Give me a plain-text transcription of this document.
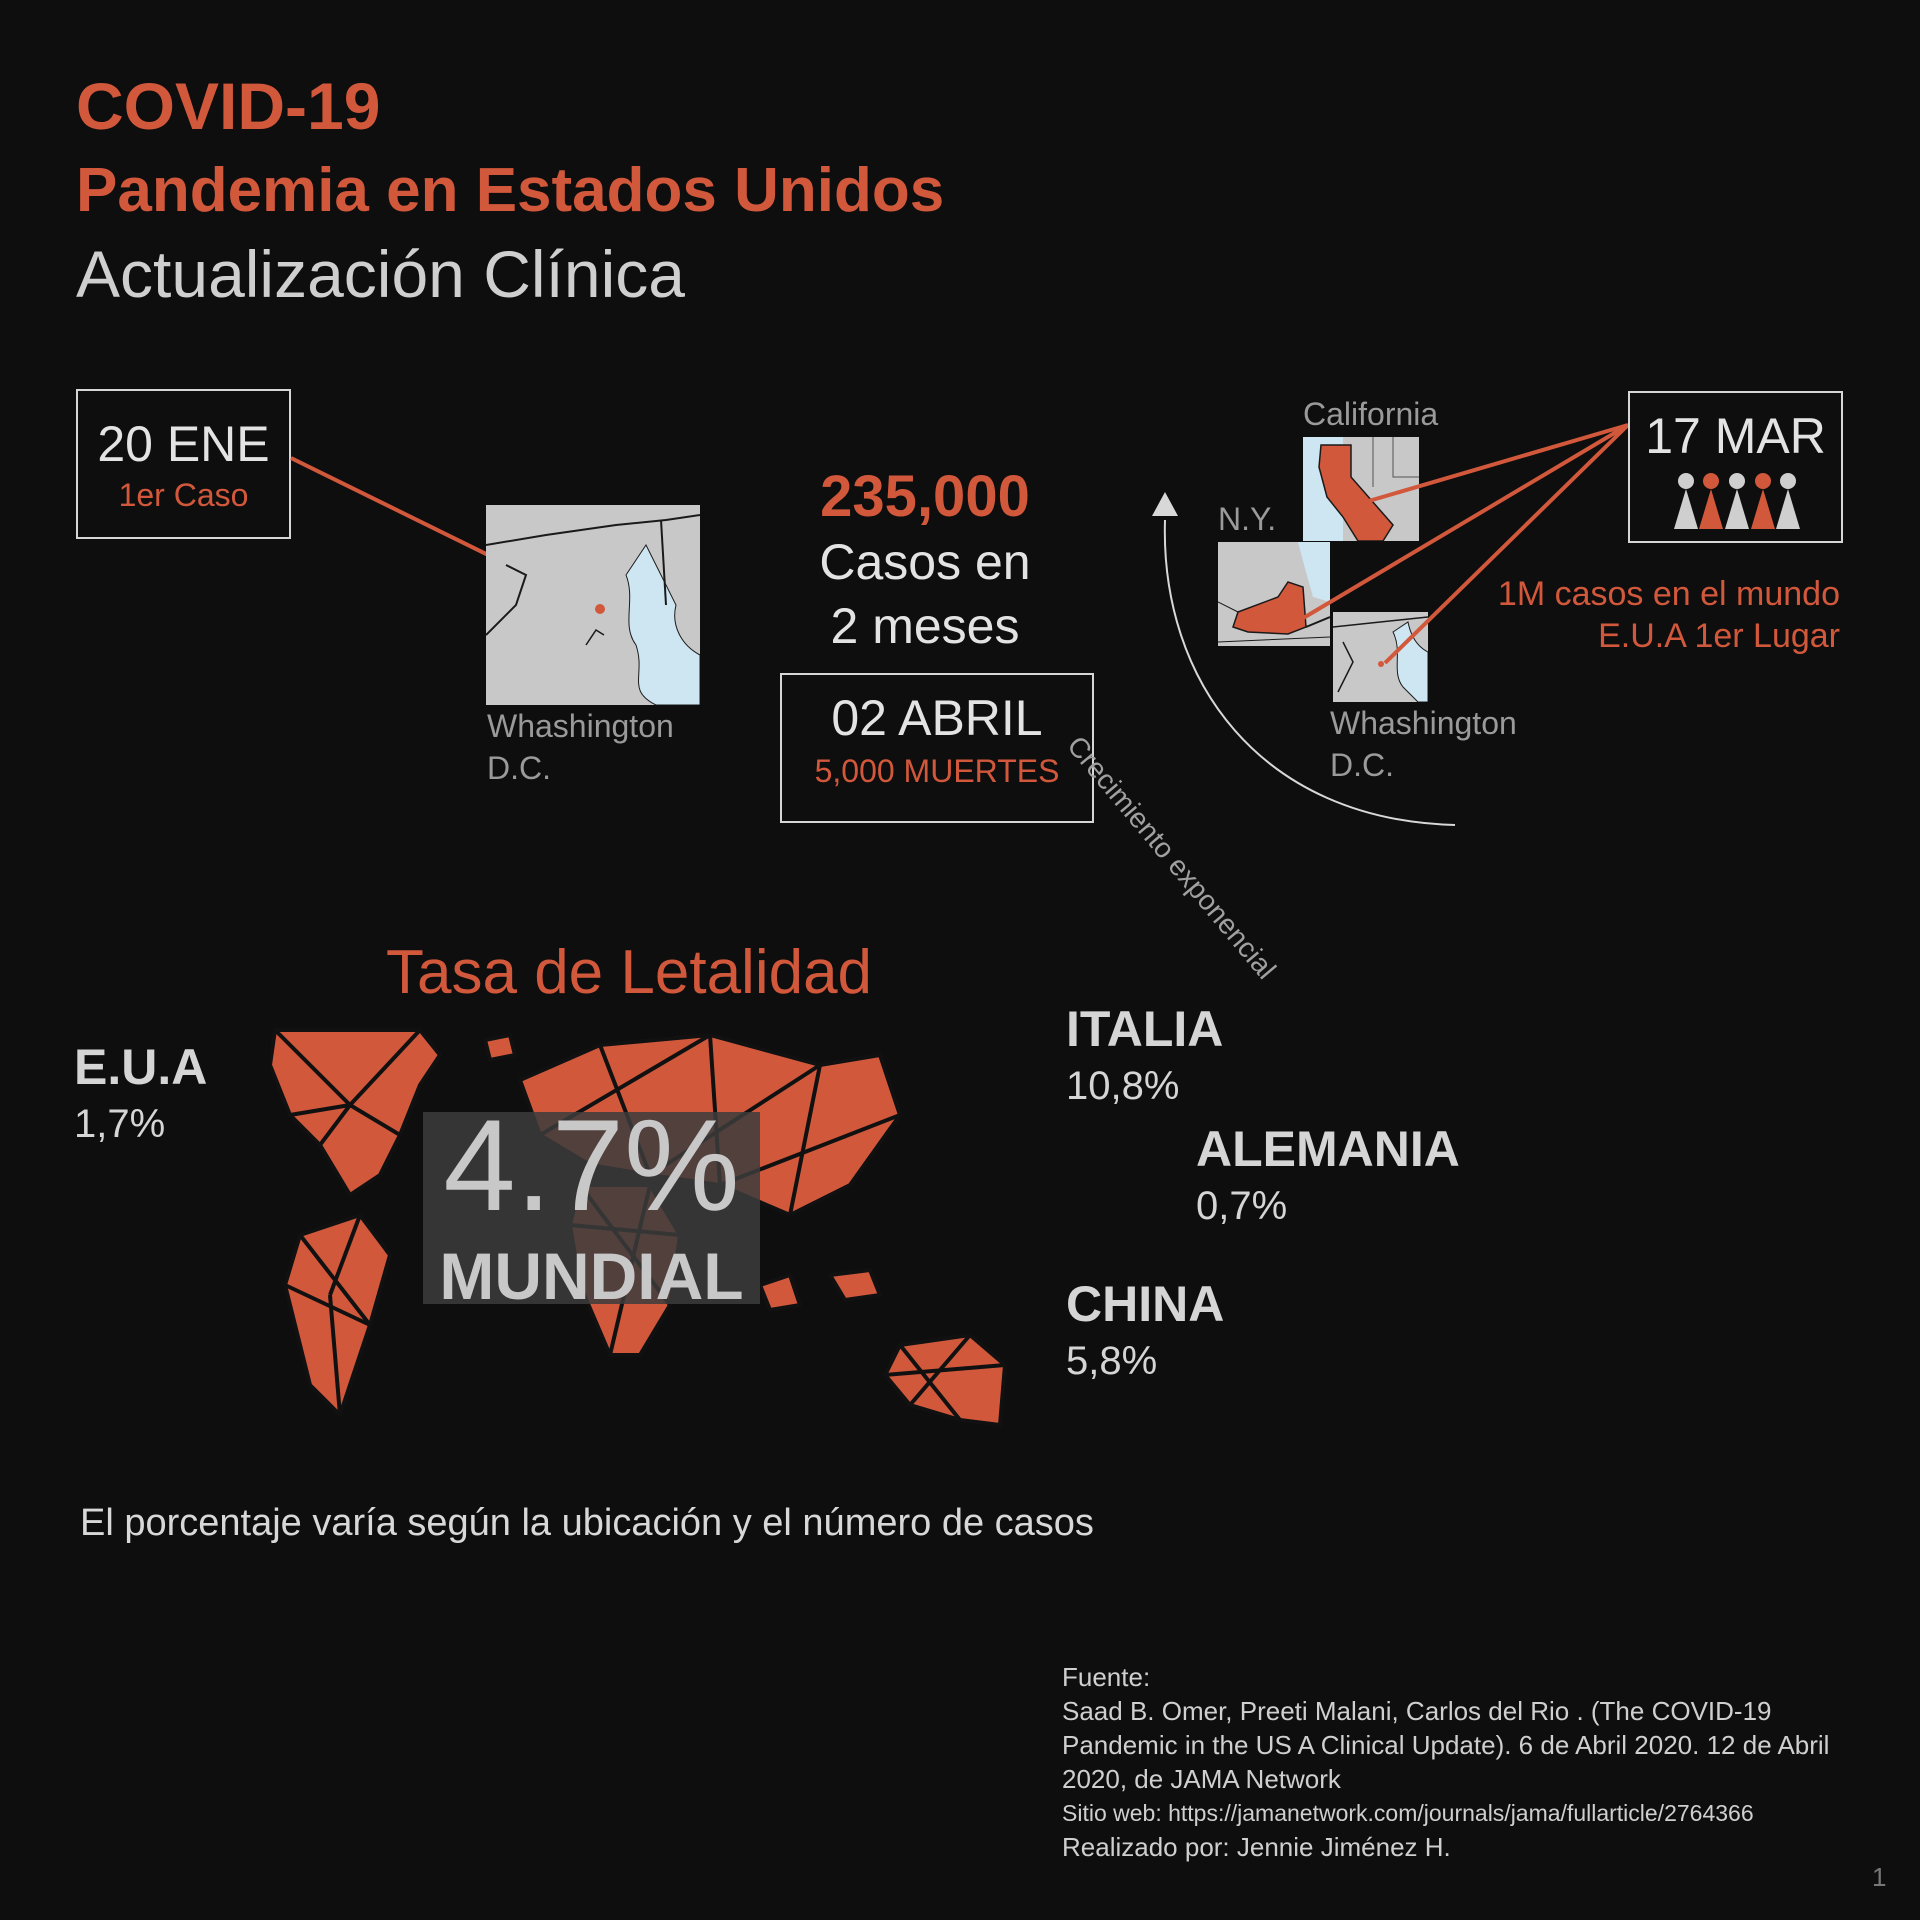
COVID-19
Pandemia en Estados Unidos
Actualización Clínica
20 ENE
1er Caso
Whashington
D.C.
235,000
Casos en
2 meses
02 ABRIL
5,000 MUERTES Crecimiento exponencial
California
N.Y.
Whashington
D.C.
17 MAR
1M casos en el mundo
E.U.A 1er Lugar
Tasa de Letalidad
4.7%
MUNDIAL
E.U.A
1,7%
ITALIA
10,8%
ALEMANIA
0,7%
CHINA
5,8%
El porcentaje varía según la ubicación y el número de casos
Fuente:
Saad B. Omer, Preeti Malani, Carlos del Rio . (The COVID-19
Pandemic in the US A Clinical Update). 6 de Abril 2020. 12 de Abril
2020, de JAMA Network
Sitio web: https://jamanetwork.com/journals/jama/fullarticle/2764366
Realizado por: Jennie Jiménez H.
1
